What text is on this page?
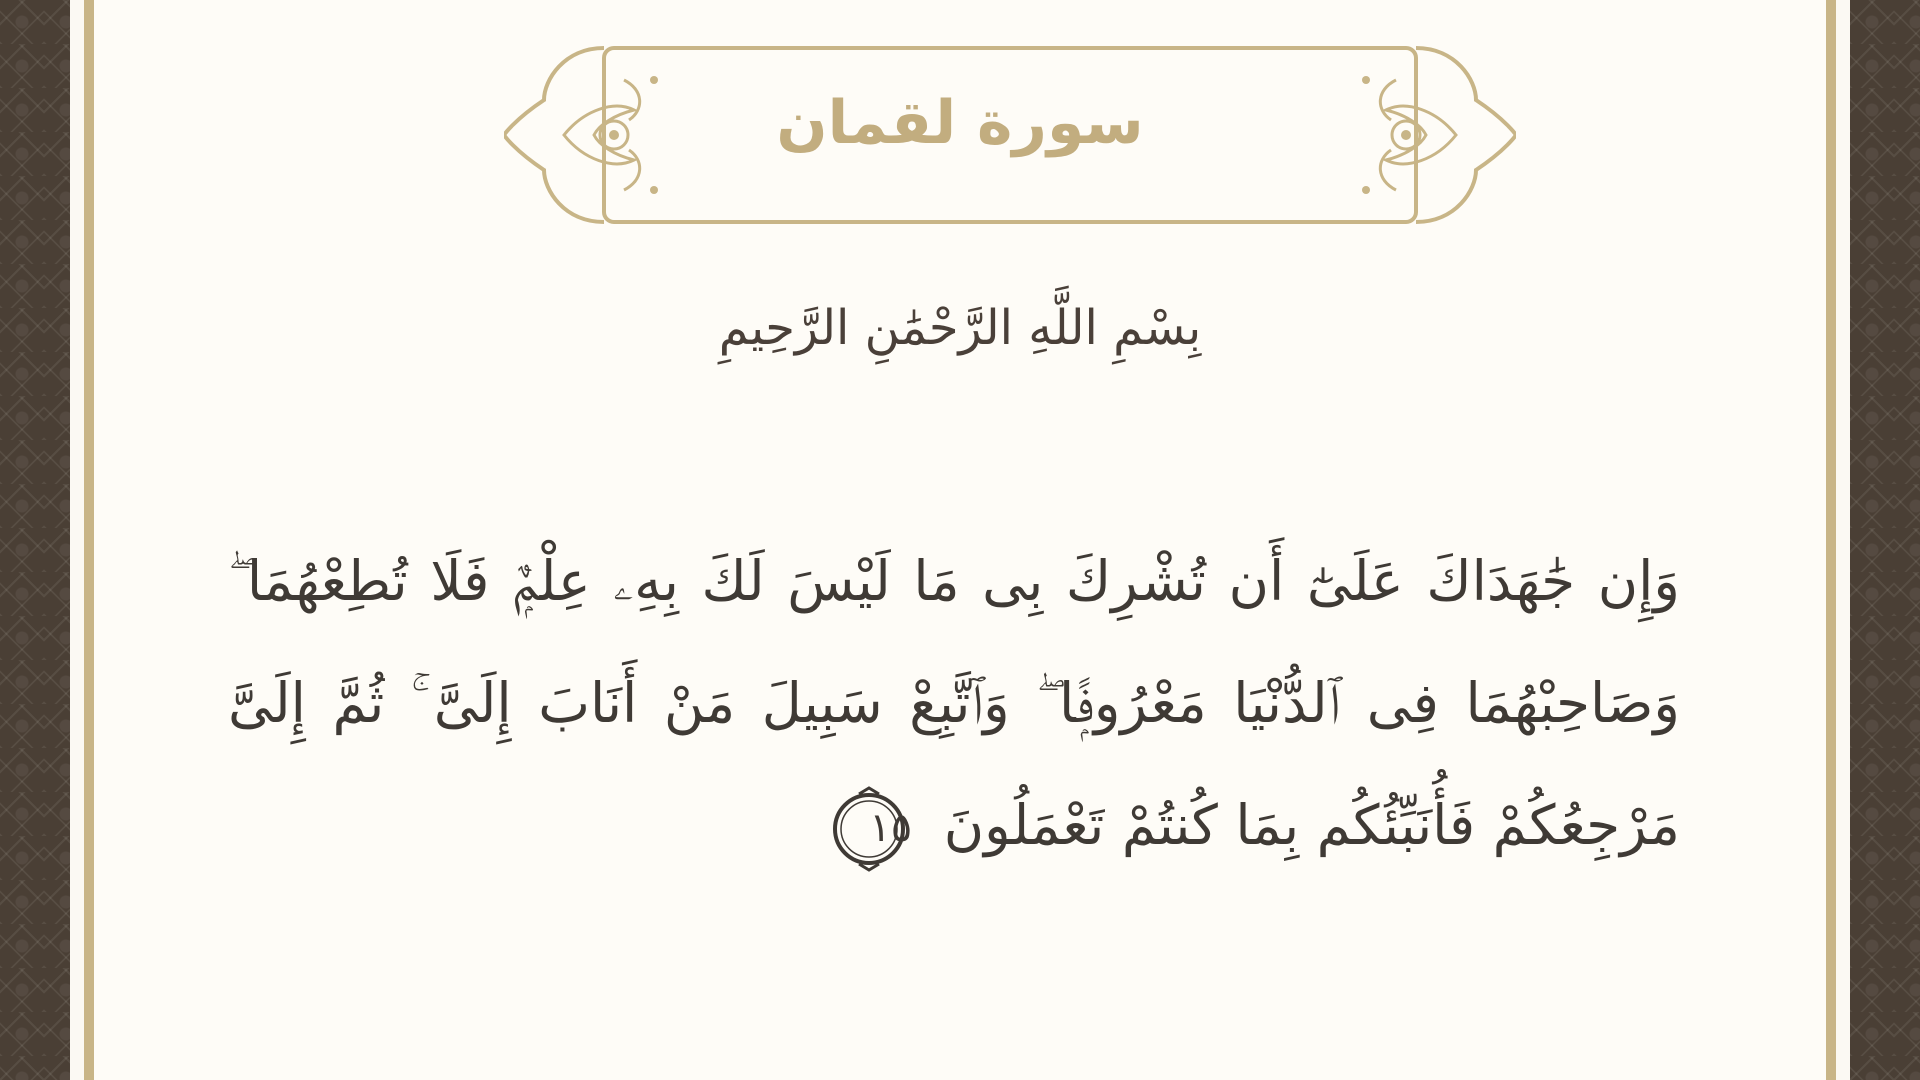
سورة لقمان
بِسْمِ اللَّهِ الرَّحْمَٰنِ الرَّحِيمِ
وَإِن جَٰهَدَاكَ عَلَىٰٓ أَن تُشْرِكَ بِى مَا لَيْسَ لَكَ بِهِۦ عِلْمٌۭ فَلَا تُطِعْهُمَا ۖ وَصَاحِبْهُمَا فِى ٱلدُّنْيَا مَعْرُوفًۭا ۖ وَٱتَّبِعْ سَبِيلَ مَنْ أَنَابَ إِلَىَّ ۚ ثُمَّ إِلَىَّ مَرْجِعُكُمْ فَأُنَبِّئُكُم بِمَا كُنتُمْ تَعْمَلُونَ
١٥
